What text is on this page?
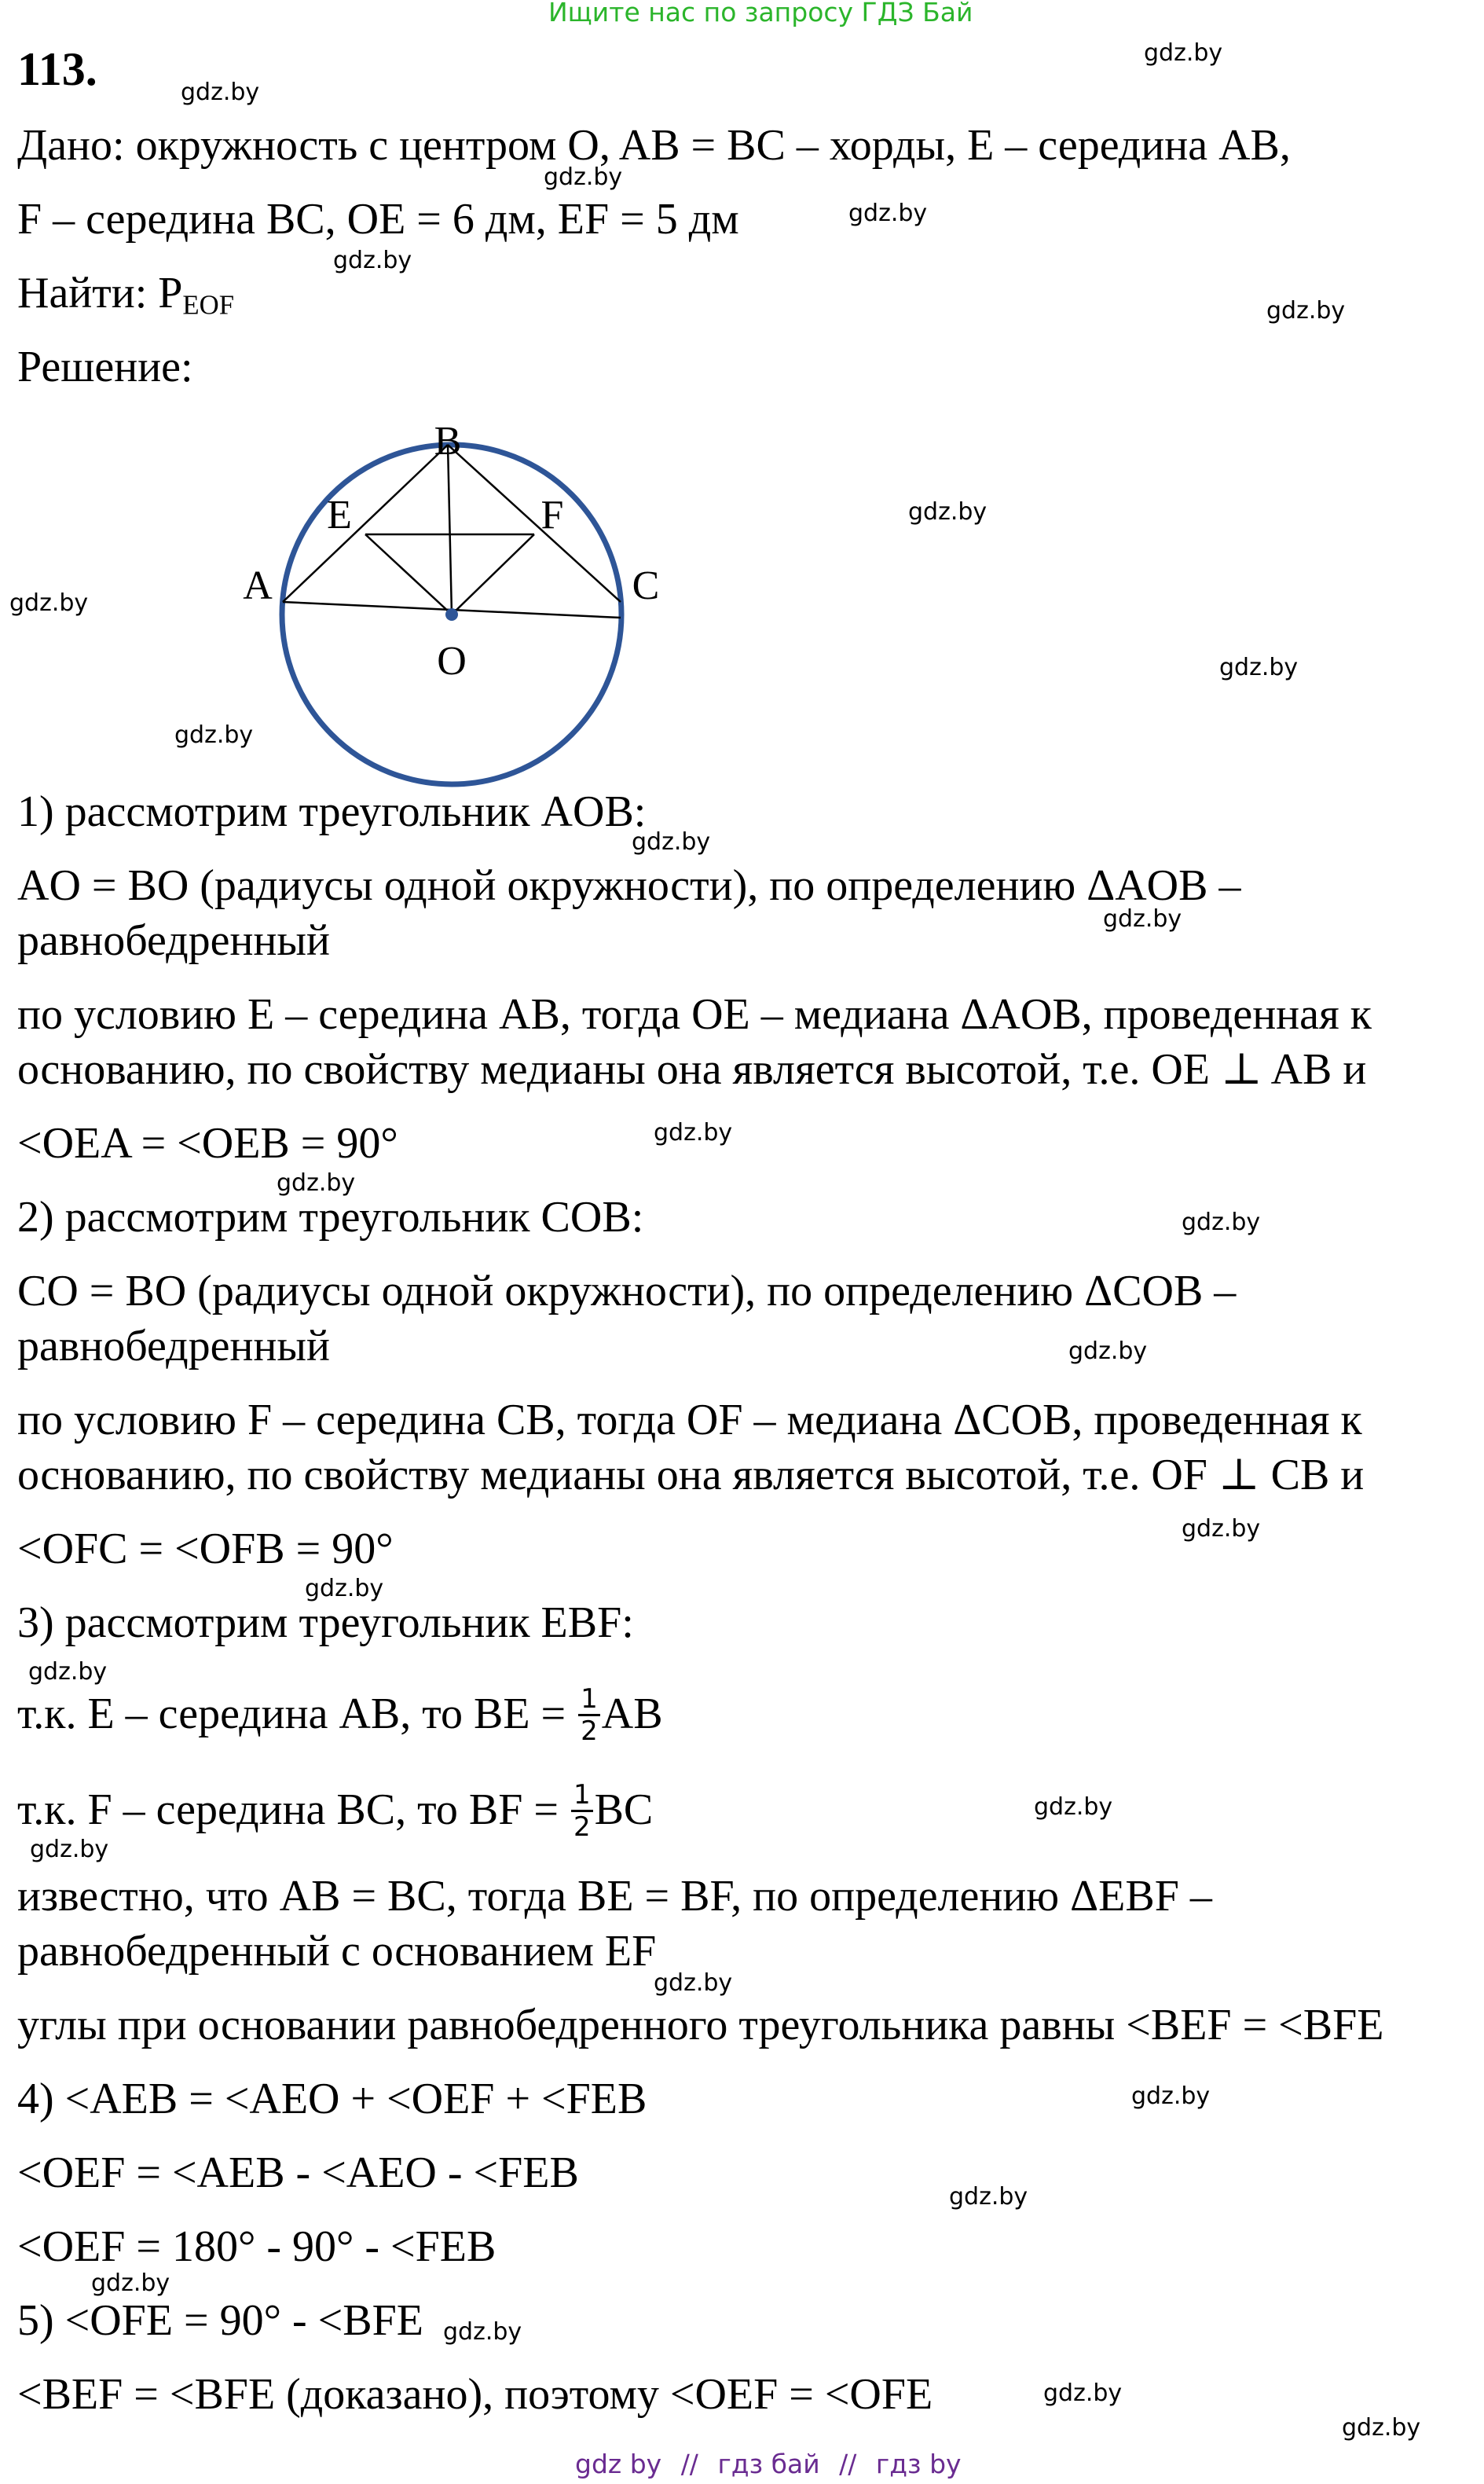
Ищите нас по запросу ГДЗ Бай
113.
Дано: окружность с центром O, AB = BC – хорды, E – середина AB,
F – середина BC, OE = 6 дм, EF = 5 дм
Найти: $P_{EOF}$
Решение:
B
E	F
A	C
O
1) рассмотрим треугольник AOB:
AO = BO (радиусы одной окружности), по определению ΔAOB –
равнобедренный
по условию E – середина AB, тогда OE – медиана ΔAOB, проведенная к
основанию, по свойству медианы она является высотой, т.е. OE ⊥ AB и
<OEA = <OEB = 90°
2) рассмотрим треугольник COB:
CO = BO (радиусы одной окружности), по определению ΔCOB –
равнобедренный
по условию F – середина CB, тогда OF – медиана ΔCOB, проведенная к
основанию, по свойству медианы она является высотой, т.е. OF ⊥ CB и
<OFC = <OFB = 90°
3) рассмотрим треугольник EBF:
т.к. E – середина AB, то BE = $\frac{1}{2}$ AB
т.к. F – середина BC, то BF = $\frac{1}{2}$ BC
известно, что AB = BC, тогда BE = BF, по определению ΔEBF –
равнобедренный с основанием EF
углы при основании равнобедренного треугольника равны <BEF = <BFE
4) <AEB = <AEO + <OEF + <FEB
<OEF = <AEB - <AEO - <FEB
<OEF = 180° - 90° - <FEB
5) <OFE = 90° - <BFE
<BEF = <BFE (доказано), поэтому <OEF = <OFE
gdz.by
gdz.by
gdz.by
gdz.by
gdz.by
gdz.by
gdz.by
gdz.by
gdz.by
gdz.by
gdz.by
gdz.by
gdz.by
gdz.by
gdz.by
gdz.by
gdz.by
gdz.by
gdz.by
gdz.by
gdz.by
gdz.by
gdz.by
gdz.by
gdz.by
gdz.by
gdz.by
gdz.by
gdz by // гдз бай // гдз by
